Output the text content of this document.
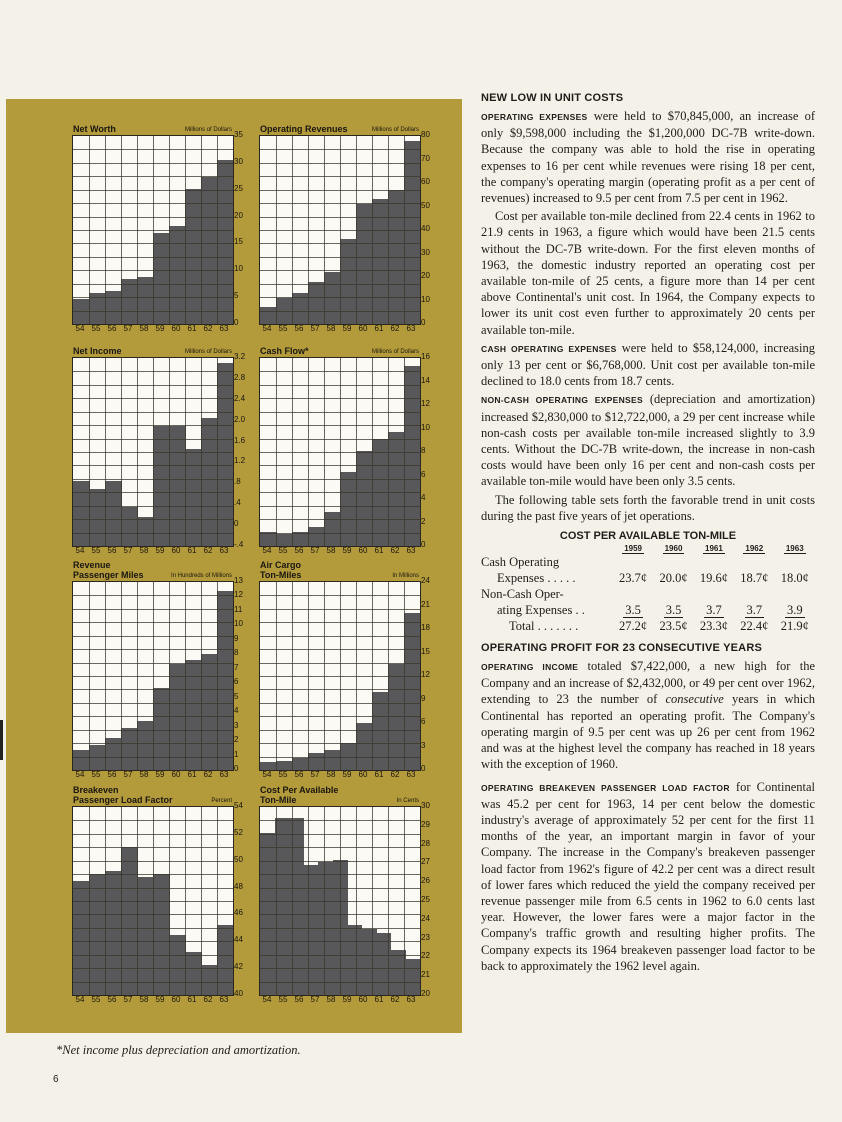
Net Worth	Millions of Dollars 35
30
25
20
15
10
5
0
54 55 56 57 58 59 60 61 62 63
Operating Revenues	Millions of Dollars 80
70
60
50
40
30
20
10
0
54 55 56 57 58 59 60 61 62 63
Net Income	Millions of Dollars 3.2
2.8
2.4
2.0
1.6
1.2
.8
.4
0
-.4
54 55 56 57 58 59 60 61 62 63
Cash Flow*	Millions of Dollars 16
14
12
10
8
6
4
2
0
54 55 56 57 58 59 60 61 62 63
Revenue
Passenger Miles	In Hundreds of Millions 13
12
11
10
9
8
7
6
5
4
3
2
1
0
54 55 56 57 58 59 60 61 62 63
Air Cargo
Ton-Miles	In Millions 24
21
18
15
12
9
6
3
0
54 55 56 57 58 59 60 61 62 63
Breakeven
Passenger Load Factor	Percent 54
52
50
48
46
44
42
40
54 55 56 57 58 59 60 61 62 63
Cost Per Available
Ton-Mile	In Cents 30
29
28
27
26
25
24
23
22
21
20
54 55 56 57 58 59 60 61 62 63
NEW LOW IN UNIT COSTS

OPERATING EXPENSES were held to $70,845,000, an increase of only $9,598,000 including the $1,200,000 DC-7B write-down. Because the company was able to hold the rise in operating expenses to 16 per cent while revenues were rising 18 per cent, the company's operating margin (operating profit as a per cent of revenues) increased to 9.5 per cent from 7.5 per cent in 1962.

Cost per available ton-mile declined from 22.4 cents in 1962 to 21.9 cents in 1963, a figure which would have been 21.5 cents without the DC-7B write-down. For the first eleven months of 1963, the domestic industry reported an operating cost per available ton-mile of 25 cents, a figure more than 14 per cent above Continental's unit cost. In 1964, the Company expects to lower its unit cost even further to approximately 20 cents per available ton-mile.

CASH OPERATING EXPENSES were held to $58,124,000, increasing only 13 per cent or $6,768,000. Unit cost per available ton-mile declined to 18.0 cents from 18.7 cents.

NON-CASH OPERATING EXPENSES (depreciation and amortization) increased $2,830,000 to $12,722,000, a 29 per cent increase while non-cash costs per available ton-mile increased slightly to 3.9 cents. Without the DC-7B write-down, the increase in non-cash costs would have been only 16 per cent and non-cash costs per available ton-mile would have been only 3.5 cents.

The following table sets forth the favorable trend in unit costs during the past five years of jet operations.

COST PER AVAILABLE TON-MILE
	1959	1960	1961	1962	1963
Cash Operating					
Expenses . . . . .	23.7¢	20.0¢	19.6¢	18.7¢	18.0¢
Non-Cash Oper-					
ating Expenses . .	3.5	3.5	3.7	3.7	3.9
Total . . . . . . .	27.2¢	23.5¢	23.3¢	22.4¢	21.9¢
OPERATING PROFIT FOR 23 CONSECUTIVE YEARS

OPERATING INCOME totaled $7,422,000, a new high for the Company and an increase of $2,432,000, or 49 per cent over 1962, extending to 23 the number of consecutive years in which Continental has reported an operating profit. The Company's operating margin of 9.5 per cent was up 26 per cent from 1962 and was at the highest level the company has reached in 18 years with the exception of 1960.

OPERATING BREAKEVEN PASSENGER LOAD FACTOR for Continental was 45.2 per cent for 1963, 14 per cent below the domestic industry's average of approximately 52 per cent for the first 11 months of the year, an important margin in favor of your Company. The increase in the Company's breakeven passenger load factor from 1962's figure of 42.2 per cent was a direct result of lower fares which reduced the yield the company received per revenue passenger mile from 6.5 cents in 1962 to 6.0 cents last year. However, the lower fares were a major factor in the Company's traffic growth and resulting higher profits. The Company expects its 1964 breakeven passenger load factor to be back to approximately the 1962 level again.

*Net income plus depreciation and amortization.
6
